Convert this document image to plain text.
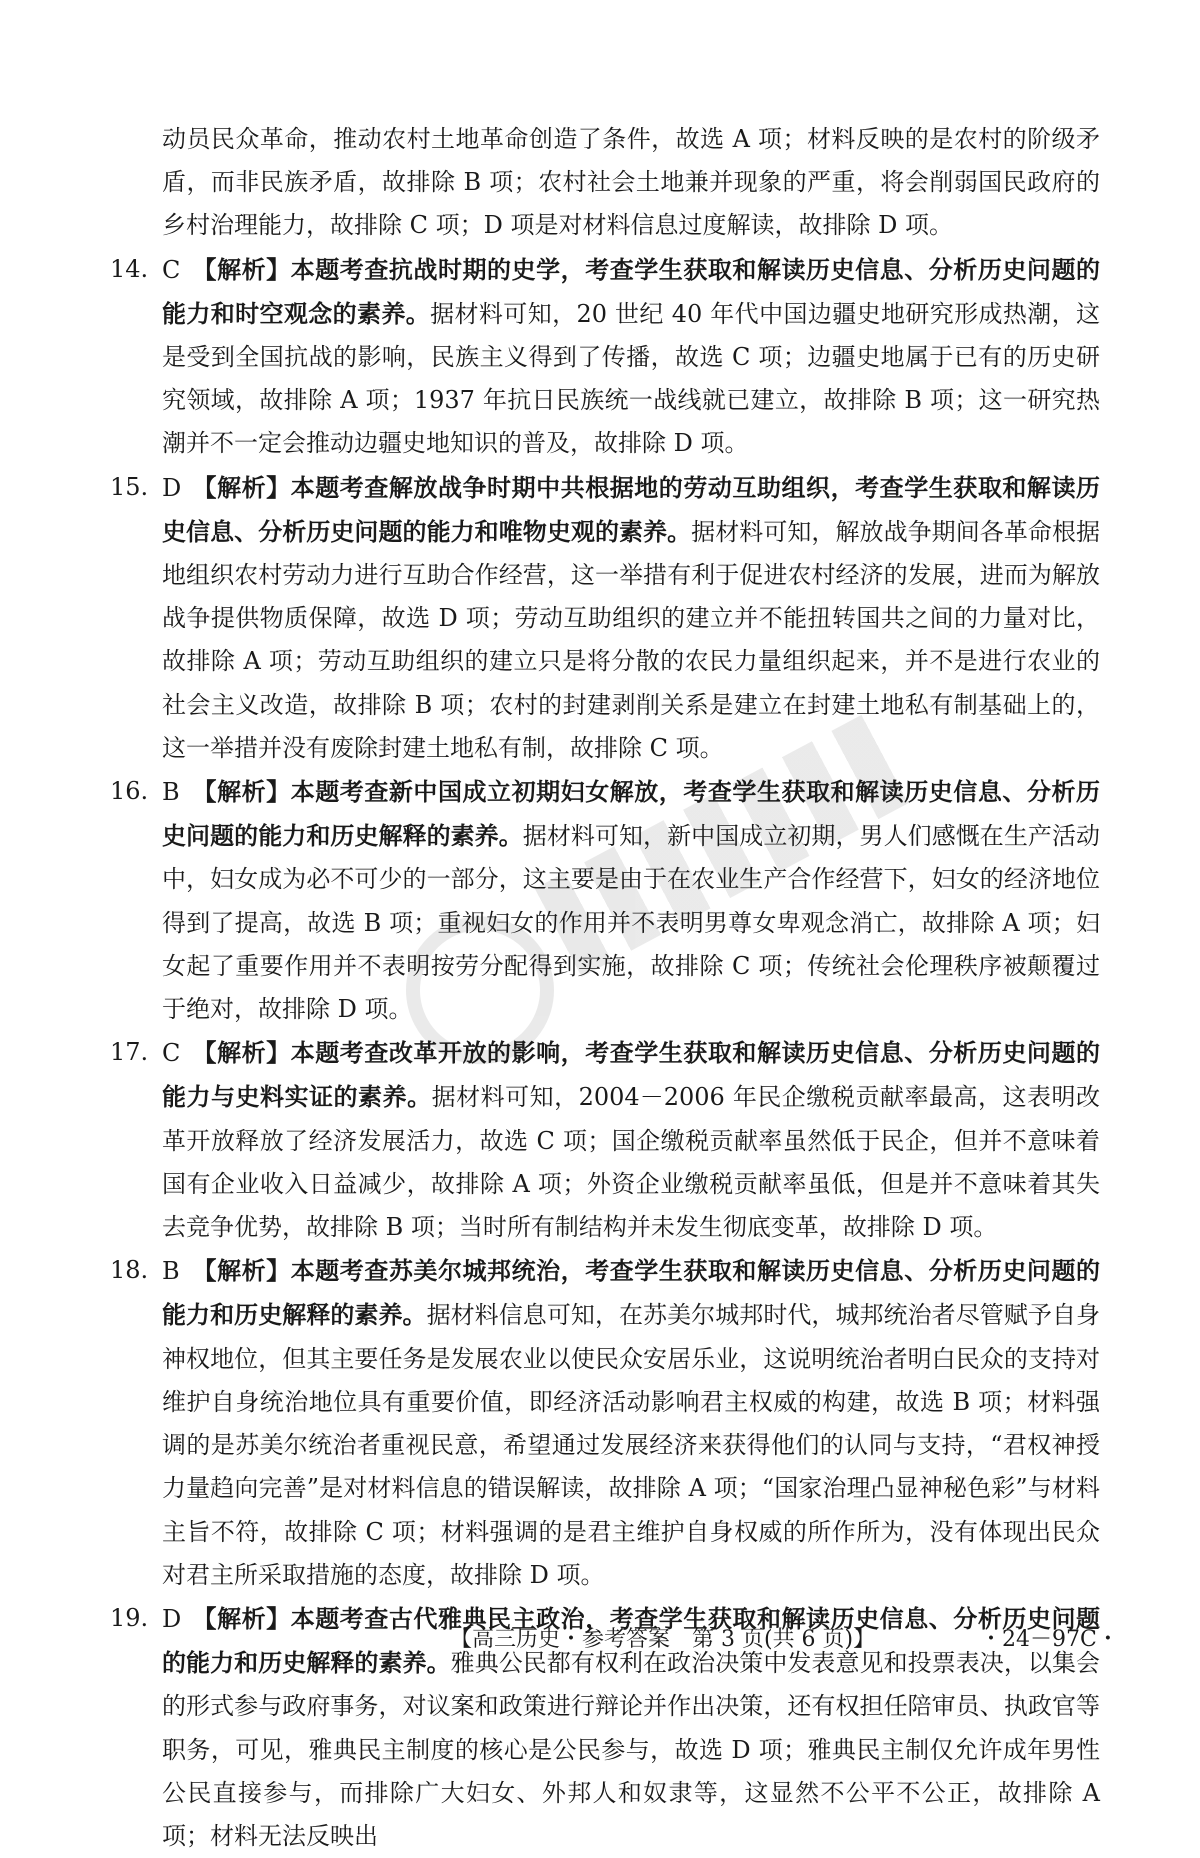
动员民众革命，推动农村土地革命创造了条件，故选 A 项；材料反映的是农村的阶级矛盾，而非民族矛盾，故排除 B 项；农村社会土地兼并现象的严重，将会削弱国民政府的乡村治理能力，故排除 C 项；D 项是对材料信息过度解读，故排除 D 项。

14. C 【解析】本题考查抗战时期的史学，考查学生获取和解读历史信息、分析历史问题的能力和时空观念的素养。据材料可知，20 世纪 40 年代中国边疆史地研究形成热潮，这是受到全国抗战的影响，民族主义得到了传播，故选 C 项；边疆史地属于已有的历史研究领域，故排除 A 项；1937 年抗日民族统一战线就已建立，故排除 B 项；这一研究热潮并不一定会推动边疆史地知识的普及，故排除 D 项。

15. D 【解析】本题考查解放战争时期中共根据地的劳动互助组织，考查学生获取和解读历史信息、分析历史问题的能力和唯物史观的素养。据材料可知，解放战争期间各革命根据地组织农村劳动力进行互助合作经营，这一举措有利于促进农村经济的发展，进而为解放战争提供物质保障，故选 D 项；劳动互助组织的建立并不能扭转国共之间的力量对比，故排除 A 项；劳动互助组织的建立只是将分散的农民力量组织起来，并不是进行农业的社会主义改造，故排除 B 项；农村的封建剥削关系是建立在封建土地私有制基础上的，这一举措并没有废除封建土地私有制，故排除 C 项。

16. B 【解析】本题考查新中国成立初期妇女解放，考查学生获取和解读历史信息、分析历史问题的能力和历史解释的素养。据材料可知，新中国成立初期，男人们感慨在生产活动中，妇女成为必不可少的一部分，这主要是由于在农业生产合作经营下，妇女的经济地位得到了提高，故选 B 项；重视妇女的作用并不表明男尊女卑观念消亡，故排除 A 项；妇女起了重要作用并不表明按劳分配得到实施，故排除 C 项；传统社会伦理秩序被颠覆过于绝对，故排除 D 项。

17. C 【解析】本题考查改革开放的影响，考查学生获取和解读历史信息、分析历史问题的能力与史料实证的素养。据材料可知，2004－2006 年民企缴税贡献率最高，这表明改革开放释放了经济发展活力，故选 C 项；国企缴税贡献率虽然低于民企，但并不意味着国有企业收入日益减少，故排除 A 项；外资企业缴税贡献率虽低，但是并不意味着其失去竞争优势，故排除 B 项；当时所有制结构并未发生彻底变革，故排除 D 项。

18. B 【解析】本题考查苏美尔城邦统治，考查学生获取和解读历史信息、分析历史问题的能力和历史解释的素养。据材料信息可知，在苏美尔城邦时代，城邦统治者尽管赋予自身神权地位，但其主要任务是发展农业以使民众安居乐业，这说明统治者明白民众的支持对维护自身统治地位具有重要价值，即经济活动影响君主权威的构建，故选 B 项；材料强调的是苏美尔统治者重视民意，希望通过发展经济来获得他们的认同与支持，“君权神授力量趋向完善”是对材料信息的错误解读，故排除 A 项；“国家治理凸显神秘色彩”与材料主旨不符，故排除 C 项；材料强调的是君主维护自身权威的所作所为，没有体现出民众对君主所采取措施的态度，故排除 D 项。

19. D 【解析】本题考查古代雅典民主政治，考查学生获取和解读历史信息、分析历史问题的能力和历史解释的素养。雅典公民都有权利在政治决策中发表意见和投票表决，以集会的形式参与政府事务，对议案和政策进行辩论并作出决策，还有权担任陪审员、执政官等职务，可见，雅典民主制度的核心是公民参与，故选 D 项；雅典民主制仅允许成年男性公民直接参与，而排除广大妇女、外邦人和奴隶等，这显然不公平不公正，故排除 A 项；材料无法反映出

【高三历史・参考答案　第 3 页(共 6 页)】	・24－97C・
